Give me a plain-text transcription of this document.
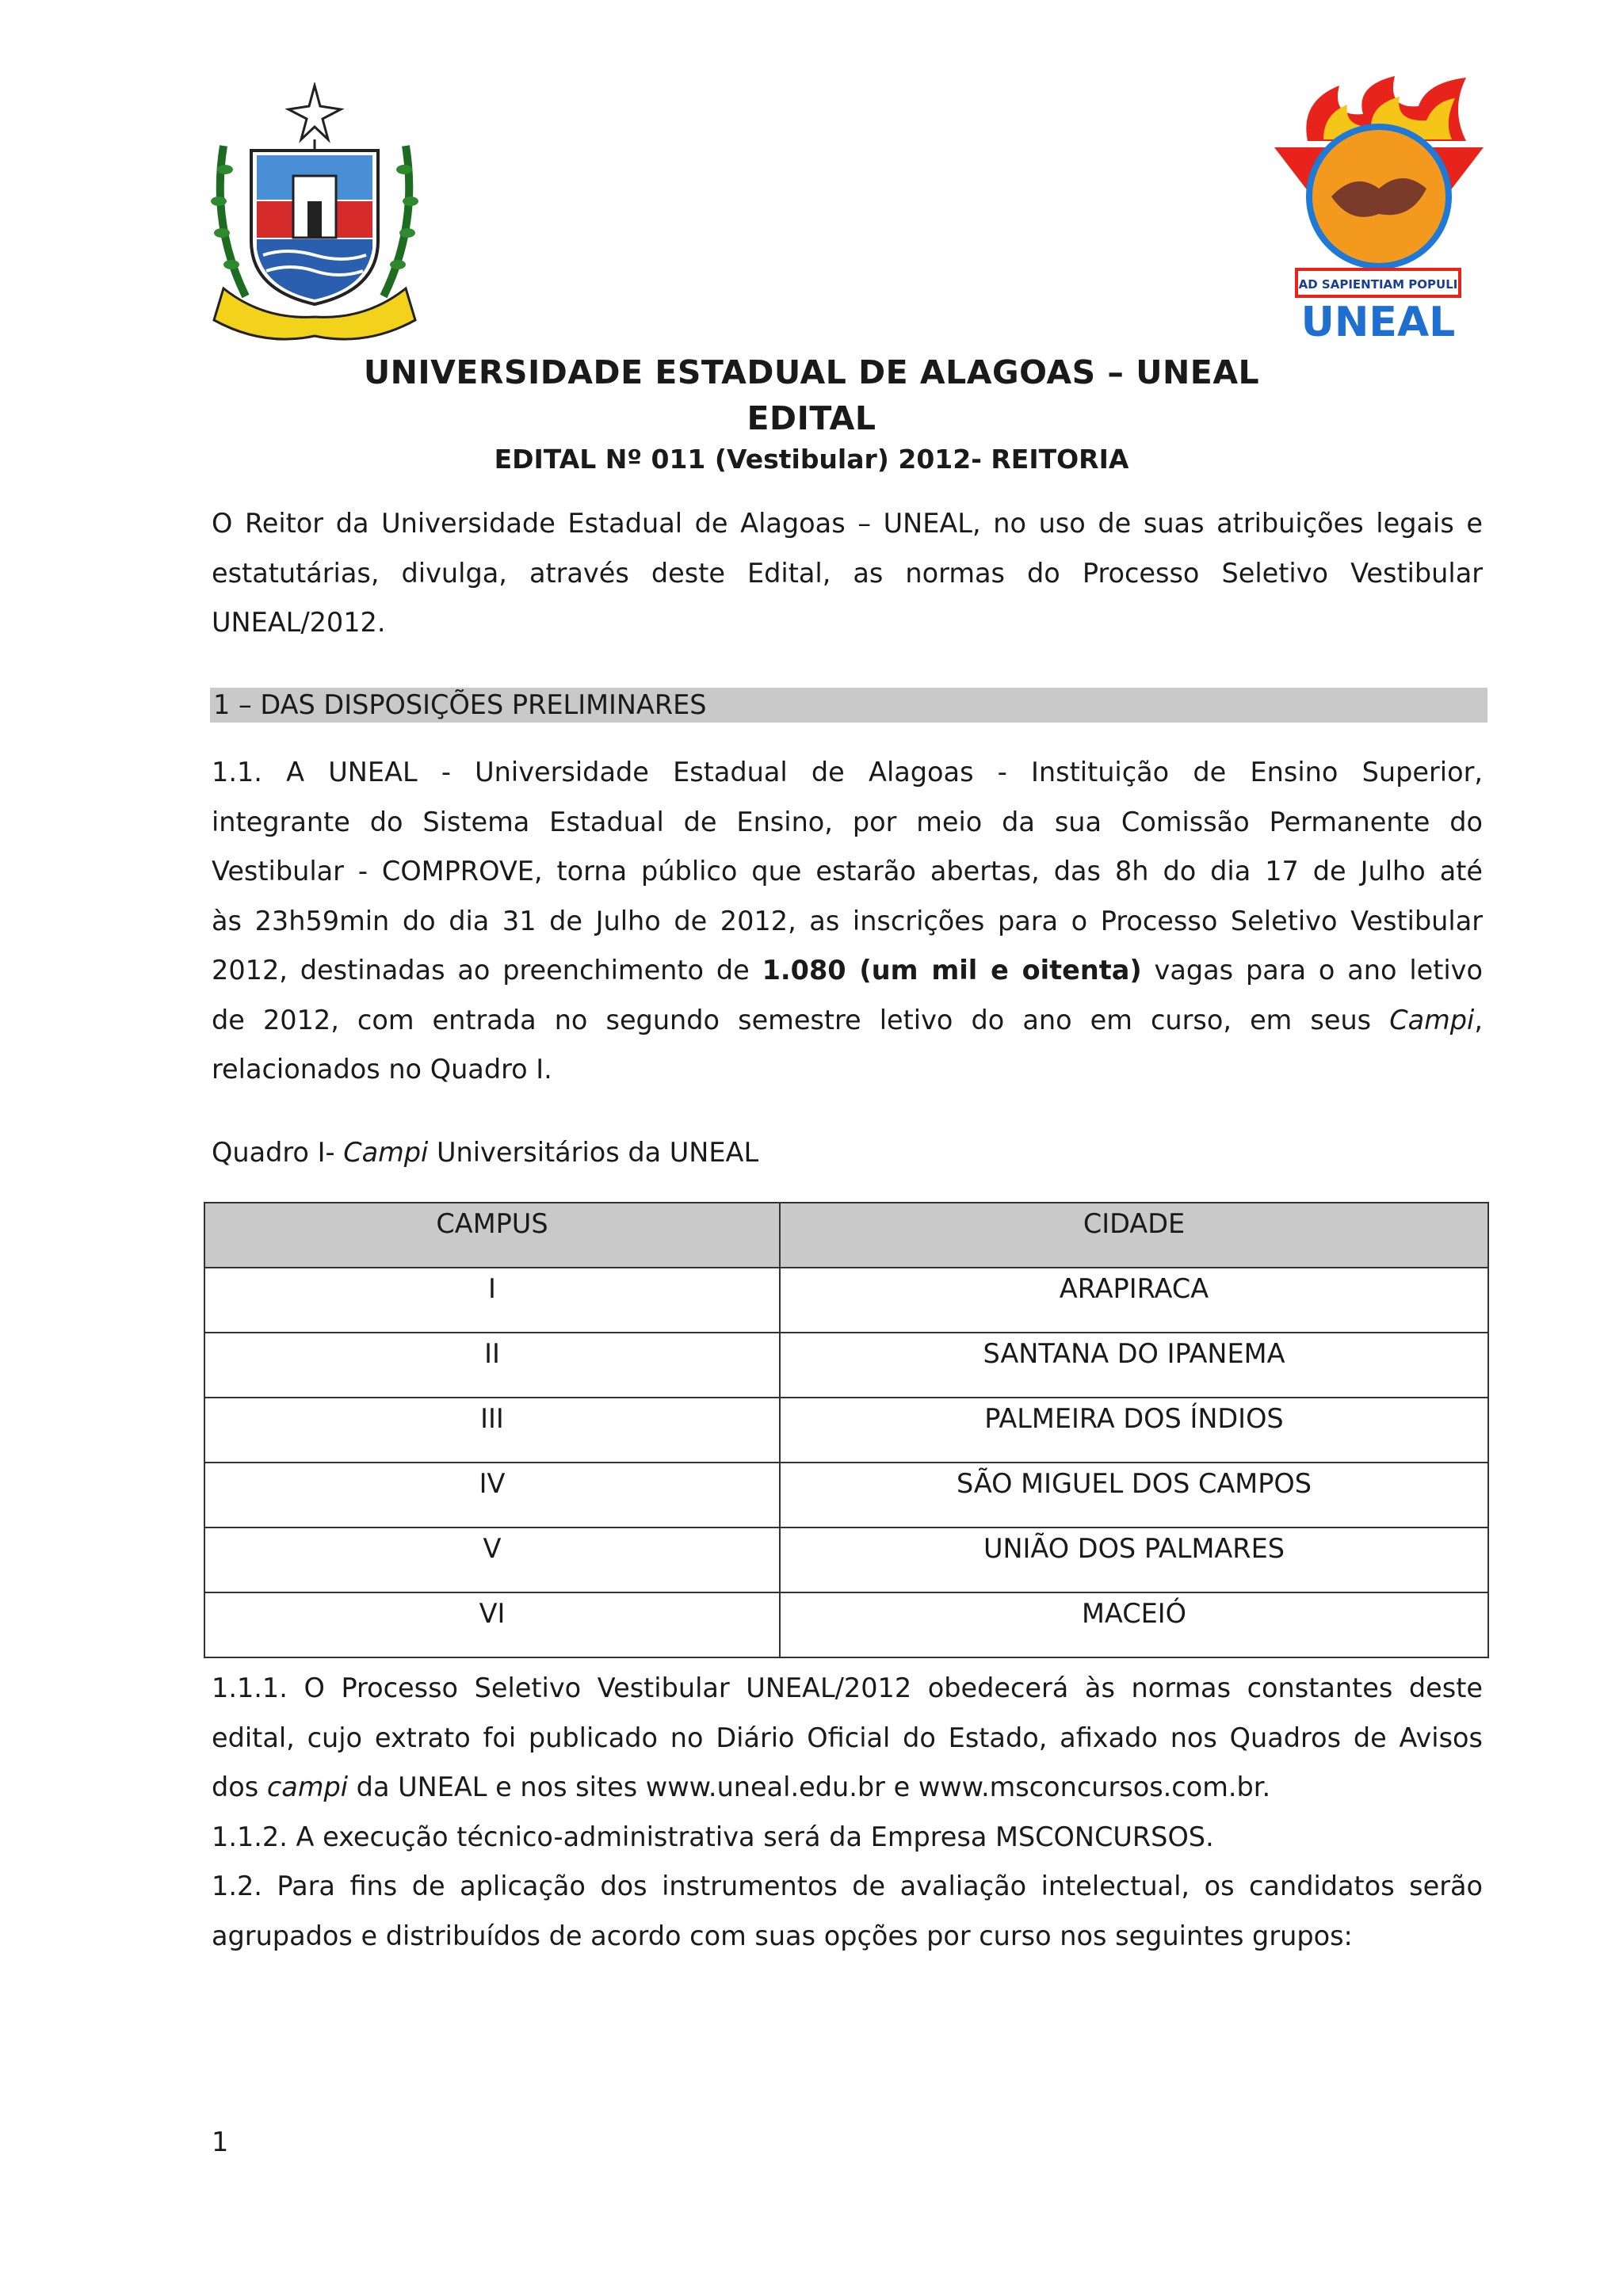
AD SAPIENTIAM POPULI
UNEAL
UNIVERSIDADE ESTADUAL DE ALAGOAS – UNEAL
EDITAL
EDITAL Nº 011 (Vestibular) 2012- REITORIA
O Reitor da Universidade Estadual de Alagoas – UNEAL, no uso de suas atribuições legais e
estatutárias, divulga, através deste Edital, as normas do Processo Seletivo Vestibular
UNEAL/2012.
1 – DAS DISPOSIÇÕES PRELIMINARES
1.1. A UNEAL - Universidade Estadual de Alagoas - Instituição de Ensino Superior,
integrante do Sistema Estadual de Ensino, por meio da sua Comissão Permanente do
Vestibular - COMPROVE, torna público que estarão abertas, das 8h do dia 17 de Julho até
às 23h59min do dia 31 de Julho de 2012, as inscrições para o Processo Seletivo Vestibular
2012, destinadas ao preenchimento de 1.080 (um mil e oitenta) vagas para o ano letivo
de 2012, com entrada no segundo semestre letivo do ano em curso, em seus Campi,
relacionados no Quadro I.
Quadro I- Campi Universitários da UNEAL
CAMPUS	CIDADE
I	ARAPIRACA
II	SANTANA DO IPANEMA
III	PALMEIRA DOS ÍNDIOS
IV	SÃO MIGUEL DOS CAMPOS
V	UNIÃO DOS PALMARES
VI	MACEIÓ
1.1.1. O Processo Seletivo Vestibular UNEAL/2012 obedecerá às normas constantes deste
edital, cujo extrato foi publicado no Diário Oficial do Estado, afixado nos Quadros de Avisos
dos campi da UNEAL e nos sites www.uneal.edu.br e www.msconcursos.com.br.
1.1.2. A execução técnico-administrativa será da Empresa MSCONCURSOS.
1.2. Para fins de aplicação dos instrumentos de avaliação intelectual, os candidatos serão
agrupados e distribuídos de acordo com suas opções por curso nos seguintes grupos:
1
